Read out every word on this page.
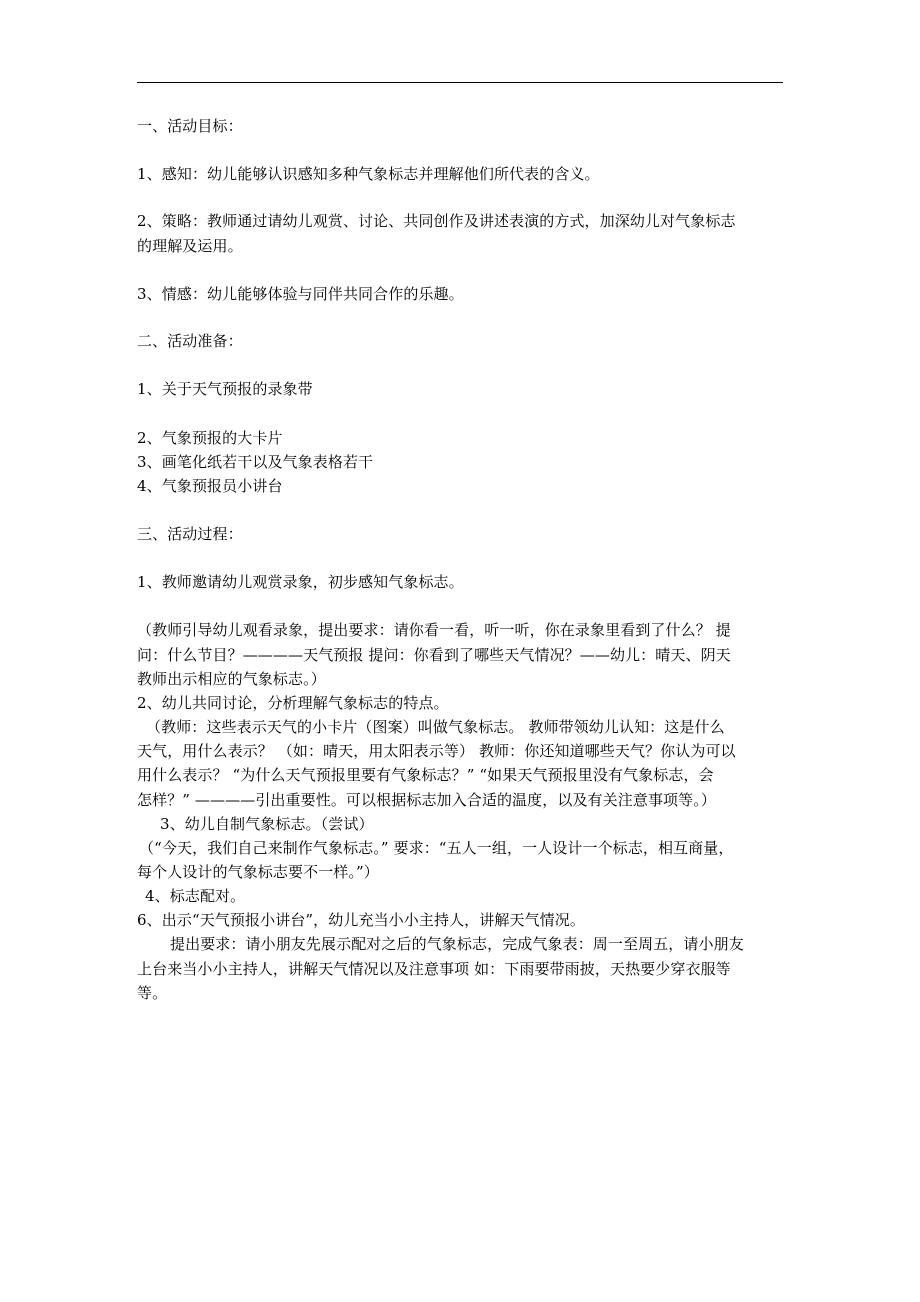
一、活动目标：
1、感知：幼儿能够认识感知多种气象标志并理解他们所代表的含义。
2、策略：教师通过请幼儿观赏、讨论、共同创作及讲述表演的方式，加深幼儿对气象标志
的理解及运用。
3、情感：幼儿能够体验与同伴共同合作的乐趣。
二、活动准备：
1、关于天气预报的录象带
2、气象预报的大卡片
3、画笔化纸若干以及气象表格若干
4、气象预报员小讲台
三、活动过程：
1、教师邀请幼儿观赏录象，初步感知气象标志。
（教师引导幼儿观看录象，提出要求：请你看一看，听一听，你在录象里看到了什么？ 提
问：什么节目？————天气预报 提问：你看到了哪些天气情况？——幼儿：晴天、阴天
教师出示相应的气象标志。）
2、幼儿共同讨论，分析理解气象标志的特点。
（教师：这些表示天气的小卡片（图案）叫做气象标志。 教师带领幼儿认知：这是什么
天气，用什么表示？ （如：晴天，用太阳表示等） 教师：你还知道哪些天气？你认为可以
用什么表示？ “为什么天气预报里要有气象标志？” “如果天气预报里没有气象标志，会
怎样？” ————引出重要性。可以根据标志加入合适的温度，以及有关注意事项等。）
3、幼儿自制气象标志。（尝试）
（“今天，我们自己来制作气象标志。” 要求：“五人一组，一人设计一个标志，相互商量，
每个人设计的气象标志要不一样。”）
4、标志配对。
6、出示“天气预报小讲台”，幼儿充当小小主持人，讲解天气情况。
提出要求：请小朋友先展示配对之后的气象标志，完成气象表：周一至周五，请小朋友
上台来当小小主持人，讲解天气情况以及注意事项 如：下雨要带雨披，天热要少穿衣服等
等。
